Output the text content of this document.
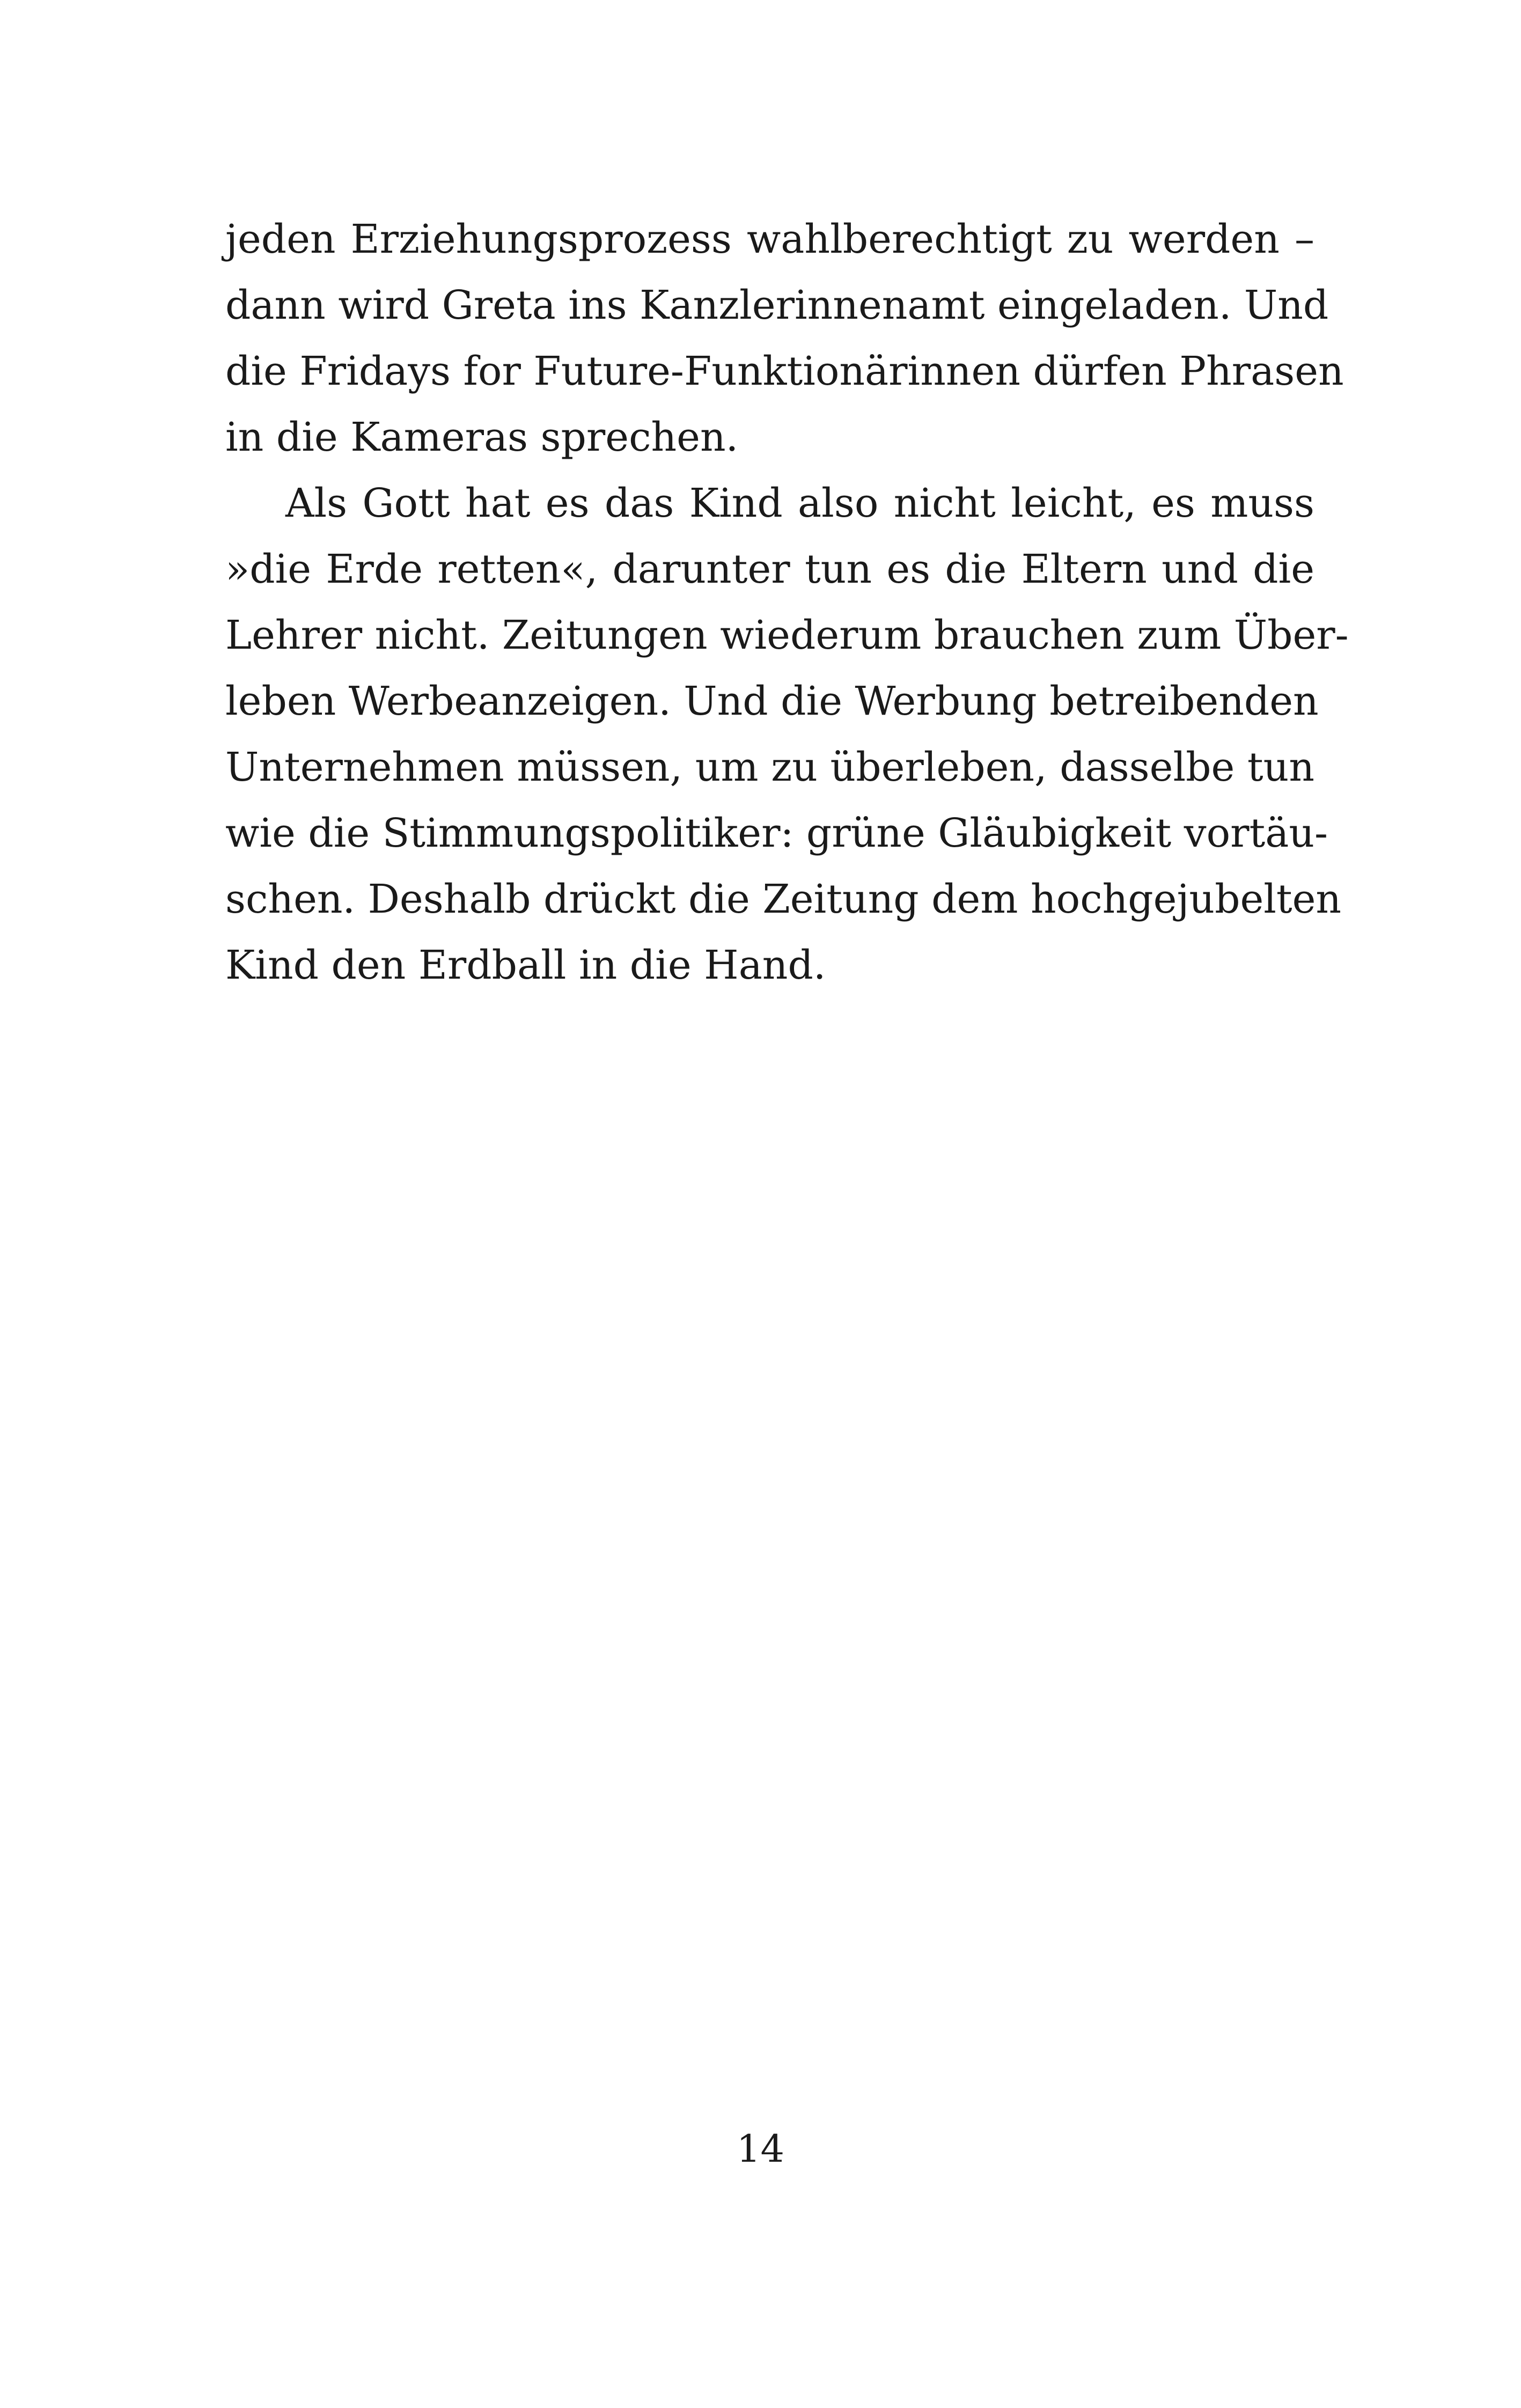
jeden Erziehungsprozess wahlberechtigt zu werden –
dann wird Greta ins Kanzlerinnenamt eingeladen. Und
die Fridays for Future-Funktionärinnen dürfen Phrasen
in die Kameras sprechen.
Als Gott hat es das Kind also nicht leicht, es muss
»die Erde retten«, darunter tun es die Eltern und die
Lehrer nicht. Zeitungen wiederum brauchen zum Über-
leben Werbeanzeigen. Und die Werbung betreibenden
Unternehmen müssen, um zu überleben, dasselbe tun
wie die Stimmungspolitiker: grüne Gläubigkeit vortäu-
schen. Deshalb drückt die Zeitung dem hochgejubelten
Kind den Erdball in die Hand.
14
